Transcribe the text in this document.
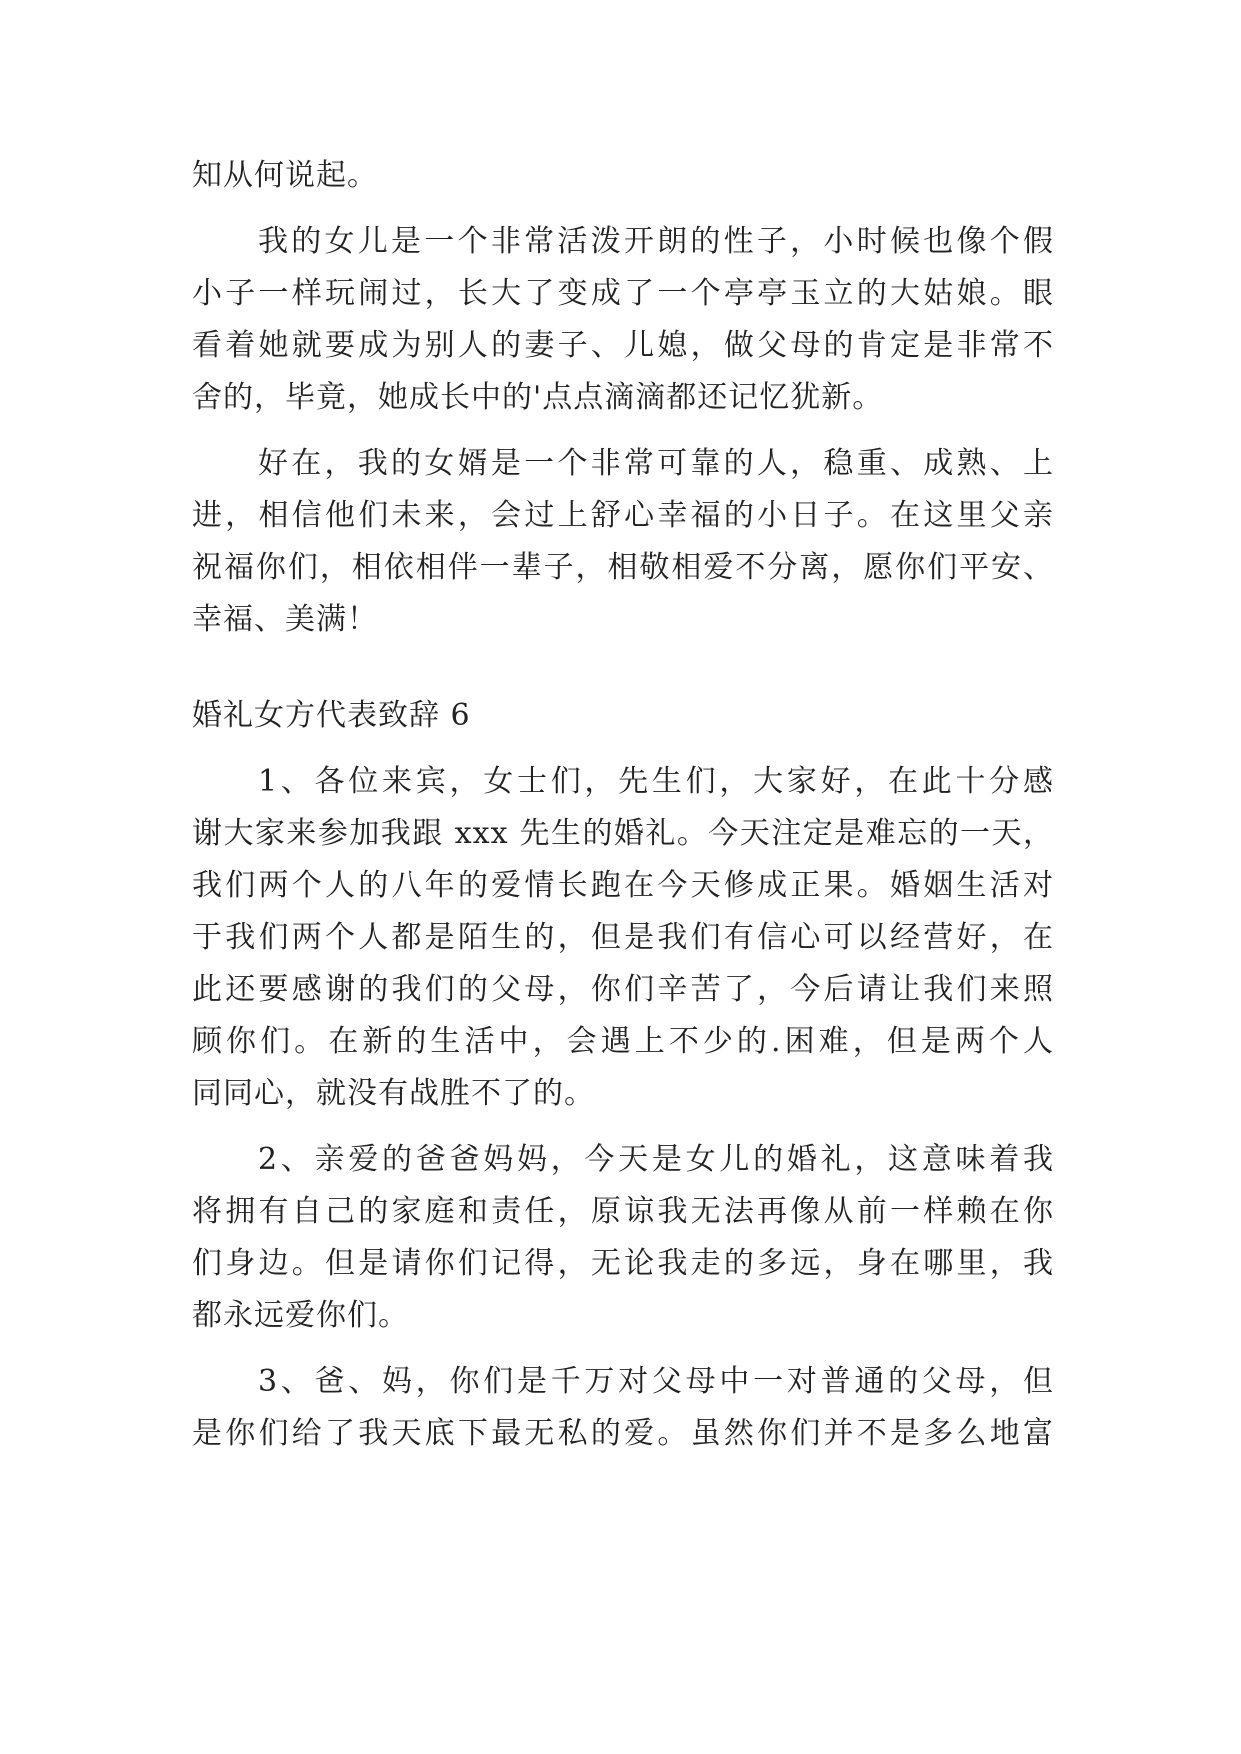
知从何说起。
我的女儿是一个非常活泼开朗的性子，小时候也像个假
小子一样玩闹过，长大了变成了一个亭亭玉立的大姑娘。眼
看着她就要成为别人的妻子、儿媳，做父母的肯定是非常不
舍的，毕竟，她成长中的'点点滴滴都还记忆犹新。
好在，我的女婿是一个非常可靠的人，稳重、成熟、上
进，相信他们未来，会过上舒心幸福的小日子。在这里父亲
祝福你们，相依相伴一辈子，相敬相爱不分离，愿你们平安、
幸福、美满！
婚礼女方代表致辞 6
1、各位来宾，女士们，先生们，大家好，在此十分感
谢大家来参加我跟 xxx 先生的婚礼。今天注定是难忘的一天，
我们两个人的八年的爱情长跑在今天修成正果。婚姻生活对
于我们两个人都是陌生的，但是我们有信心可以经营好，在
此还要感谢的我们的父母，你们辛苦了，今后请让我们来照
顾你们。在新的生活中，会遇上不少的.困难，但是两个人
同同心，就没有战胜不了的。
2、亲爱的爸爸妈妈，今天是女儿的婚礼，这意味着我
将拥有自己的家庭和责任，原谅我无法再像从前一样赖在你
们身边。但是请你们记得，无论我走的多远，身在哪里，我
都永远爱你们。
3、爸、妈，你们是千万对父母中一对普通的父母，但
是你们给了我天底下最无私的爱。虽然你们并不是多么地富
